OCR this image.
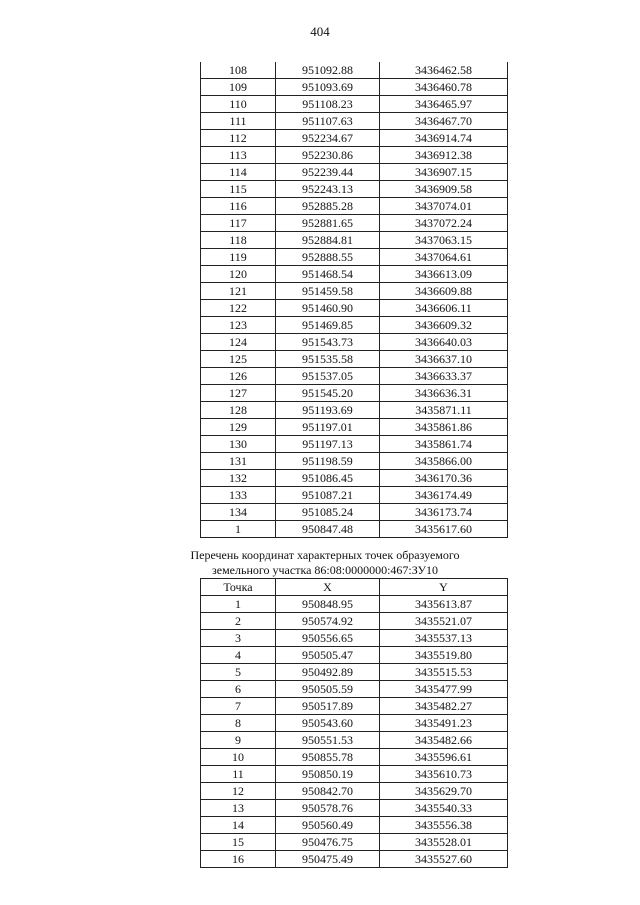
404
108	951092.88	3436462.58
109	951093.69	3436460.78
110	951108.23	3436465.97
111	951107.63	3436467.70
112	952234.67	3436914.74
113	952230.86	3436912.38
114	952239.44	3436907.15
115	952243.13	3436909.58
116	952885.28	3437074.01
117	952881.65	3437072.24
118	952884.81	3437063.15
119	952888.55	3437064.61
120	951468.54	3436613.09
121	951459.58	3436609.88
122	951460.90	3436606.11
123	951469.85	3436609.32
124	951543.73	3436640.03
125	951535.58	3436637.10
126	951537.05	3436633.37
127	951545.20	3436636.31
128	951193.69	3435871.11
129	951197.01	3435861.86
130	951197.13	3435861.74
131	951198.59	3435866.00
132	951086.45	3436170.36
133	951087.21	3436174.49
134	951085.24	3436173.74
1	950847.48	3435617.60
Перечень координат характерных точек образуемого
земельного участка 86:08:0000000:467:ЗУ10
Точка	X	Y
1	950848.95	3435613.87
2	950574.92	3435521.07
3	950556.65	3435537.13
4	950505.47	3435519.80
5	950492.89	3435515.53
6	950505.59	3435477.99
7	950517.89	3435482.27
8	950543.60	3435491.23
9	950551.53	3435482.66
10	950855.78	3435596.61
11	950850.19	3435610.73
12	950842.70	3435629.70
13	950578.76	3435540.33
14	950560.49	3435556.38
15	950476.75	3435528.01
16	950475.49	3435527.60
